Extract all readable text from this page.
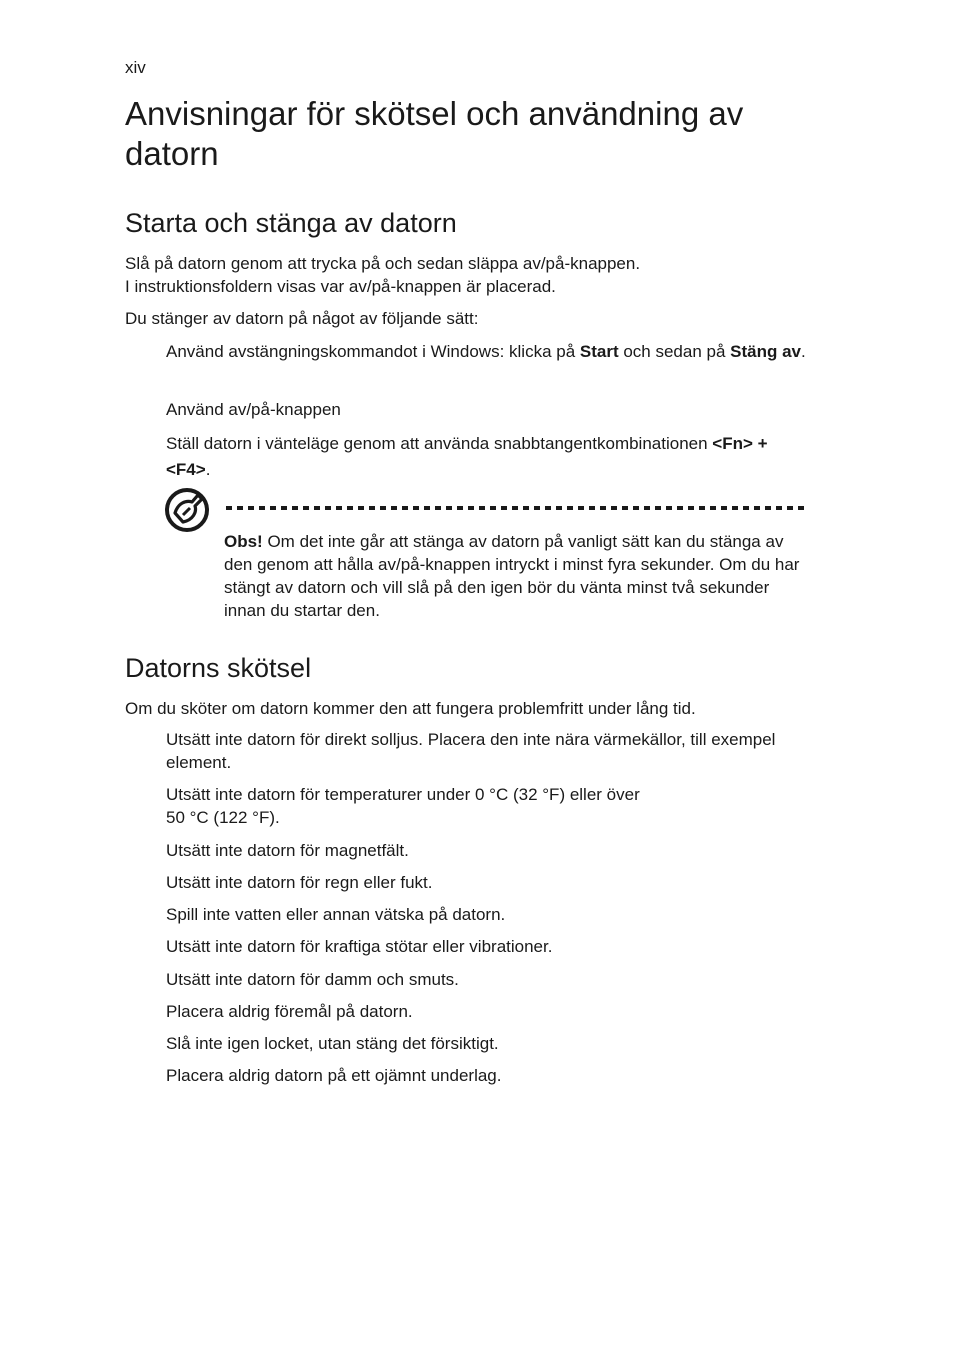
xiv
Anvisningar för skötsel och användning av datorn
Starta och stänga av datorn

Slå på datorn genom att trycka på och sedan släppa av/på-knappen.
I instruktionsfoldern visas var av/på-knappen är placerad.

Du stänger av datorn på något av följande sätt:

Använd avstängningskommandot i Windows: klicka på Start och sedan på Stäng av.

Använd av/på-knappen

Ställ datorn i vänteläge genom att använda snabbtangentkombinationen <Fn> + <F4>.

Obs! Om det inte går att stänga av datorn på vanligt sätt kan du stänga av den genom att hålla av/på-knappen intryckt i minst fyra sekunder. Om du har stängt av datorn och vill slå på den igen bör du vänta minst två sekunder innan du startar den.

Datorns skötsel

Om du sköter om datorn kommer den att fungera problemfritt under lång tid.

Utsätt inte datorn för direkt solljus. Placera den inte nära värmekällor, till exempel element.

Utsätt inte datorn för temperaturer under 0 °C (32 °F) eller över

50 °C (122 °F).

Utsätt inte datorn för magnetfält.

Utsätt inte datorn för regn eller fukt.

Spill inte vatten eller annan vätska på datorn.

Utsätt inte datorn för kraftiga stötar eller vibrationer.

Utsätt inte datorn för damm och smuts.

Placera aldrig föremål på datorn.

Slå inte igen locket, utan stäng det försiktigt.

Placera aldrig datorn på ett ojämnt underlag.
